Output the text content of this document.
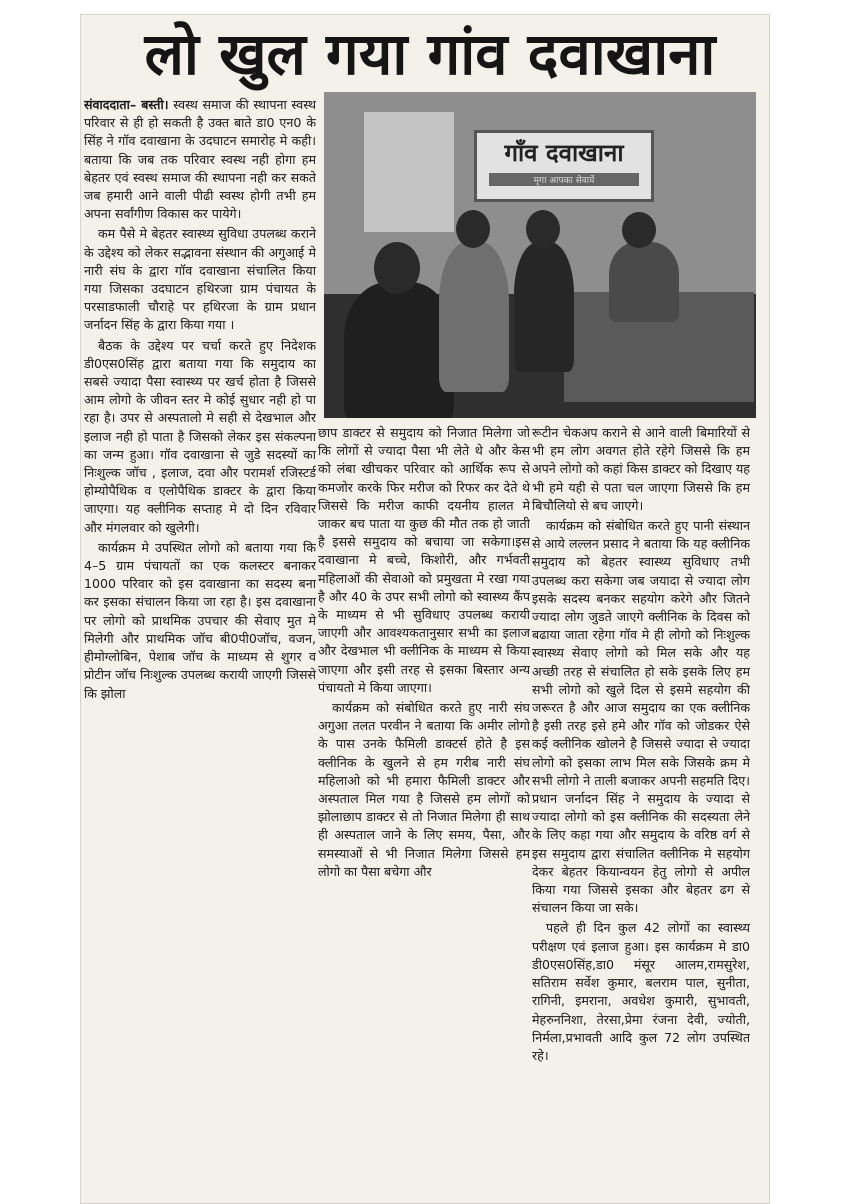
लो खुल गया गांव दवाखाना
गाँव दवाखाना
मृगा आपका सेवायें

संवाददाता– बस्ती। स्वस्थ समाज की स्थापना स्वस्थ परिवार से ही हो सकती है उक्त बाते डा0 एन0 के सिंह ने गॉव दवाखाना के उदघाटन समारोह मे कही। बताया कि जब तक परिवार स्वस्थ नही होगा हम बेहतर एवं स्वस्थ समाज की स्थापना नही कर सकते जब हमारी आने वाली पीढी स्वस्थ होगी तभी हम अपना सर्वांगीण विकास कर पायेगे।

कम पैसे मे बेहतर स्वास्थ्य सुविधा उपलब्ध कराने के उद्देश्य को लेकर सद्भावना संस्थान की अगुआई मे नारी संघ के द्वारा गॉव दवाखाना संचालित किया गया जिसका उदघाटन हथिरजा ग्राम पंचायत के परसाडफाली चौराहे पर हथिरजा के ग्राम प्रधान जर्नादन सिंह के द्वारा किया गया ।

बैठक के उद्देश्य पर चर्चा करते हुए निदेशक डी0एस0सिंह द्वारा बताया गया कि समुदाय का सबसे ज्यादा पैसा स्वास्थ्य पर खर्च होता है जिससे आम लोगो के जीवन स्तर मे कोई सुधार नही हो पा रहा है। उपर से अस्पतालो मे सही से देखभाल और इलाज नही हो पाता है जिसको लेकर इस संकल्पना का जन्म हुआ। गॉव दवाखाना से जुडे सदस्यों का निःशुल्क जॉच , इलाज, दवा और परामर्श रजिस्टर्ड होम्योपैथिक व एलोपैथिक डाक्टर के द्वारा किया जाएगा। यह क्लीनिक सप्ताह मे दो दिन रविवार और मंगलवार को खुलेगी।

कार्यक्रम मे उपस्थित लोगो को बताया गया कि 4–5 ग्राम पंचायतों का एक कलस्टर बनाकर 1000 परिवार को इस दवाखाना का सदस्य बना कर इसका संचालन किया जा रहा है। इस दवाखाना पर लोगो को प्राथमिक उपचार की सेवाए मुत मे मिलेगी और प्राथमिक जॉच बी0पी0जॉच, वजन, हीमोग्लोबिन, पेशाब जॉच के माध्यम से शुगर व प्रोटीन जॉच निःशुल्क उपलब्ध करायी जाएगी जिससे कि झोला

छाप डाक्टर से समुदाय को निजात मिलेगा जो कि लोगों से ज्यादा पैसा भी लेते थे और केस को लंबा खीचकर परिवार को आर्थिक रूप से कमजोर करके फिर मरीज को रिफर कर देते थे जिससे कि मरीज काफी दयनीय हालत मे जाकर बच पाता या कुछ की मौत तक हो जाती है इससे समुदाय को बचाया जा सकेगा।इस दवाखाना मे बच्चे, किशोरी, और गर्भवती महिलाओं की सेवाओ को प्रमुखता मे रखा गया है और 40 के उपर सभी लोगो को स्वास्थ्य कैंप के माध्यम से भी सुविधाए उपलब्ध करायी जाएगी और आवश्यकतानुसार सभी का इलाज और देखभाल भी क्लीनिक के माध्यम से किया जाएगा और इसी तरह से इसका बिस्तार अन्य पंचायतो मे किया जाएगा।

कार्यक्रम को संबोधित करते हुए नारी संघ अगुआ तलत परवीन ने बताया कि अमीर लोगो के पास उनके फैमिली डाक्टर्स होते है इस क्लीनिक के खुलने से हम गरीब नारी संघ महिलाओ को भी हमारा फैमिली डाक्टर और अस्पताल मिल गया है जिससे हम लोगों को झोलाछाप डाक्टर से तो निजात मिलेगा ही साथ ही अस्पताल जाने के लिए समय, पैसा, और समस्याओं से भी निजात मिलेगा जिससे हम लोगो का पैसा बचेगा और

रूटीन चेकअप कराने से आने वाली बिमारियों से भी हम लोग अवगत होते रहेगे जिससे कि हम अपने लोगो को कहां किस डाक्टर को दिखाए यह भी हमे यही से पता चल जाएगा जिससे कि हम बिचौलियो से बच जाएगे।

कार्यक्रम को संबोधित करते हुए पानी संस्थान से आये लल्लन प्रसाद ने बताया कि यह क्लीनिक समुदाय को बेहतर स्वास्थ्य सुविधाए तभी उपलब्ध करा सकेगा जब जयादा से ज्यादा लोग इसके सदस्य बनकर सहयोग करेगे और जितने ज्यादा लोग जुडते जाएगे क्लीनिक के दिवस को बढाया जाता रहेगा गॉव मे ही लोगो को निःशुल्क स्वास्थ्य सेवाए लोगो को मिल सके और यह अच्छी तरह से संचालित हो सके इसके लिए हम सभी लोगो को खुले दिल से इसमे सहयोग की जरूरत है और आज समुदाय का एक क्लीनिक है इसी तरह इसे हमे और गॉव को जोडकर ऐसे कई क्लीनिक खोलने है जिससे ज्यादा से ज्यादा लोगो को इसका लाभ मिल सके जिसके क्रम मे सभी लोगो ने ताली बजाकर अपनी सहमति दिए। प्रधान जर्नादन सिंह ने समुदाय के ज्यादा से ज्यादा लोगो को इस क्लीनिक की सदस्यता लेने के लिए कहा गया और समुदाय के वरिष्ठ वर्ग से इस समुदाय द्वारा संचालित क्लीनिक मे सहयोग देकर बेहतर कियान्वयन हेतु लोगो से अपील किया गया जिससे इसका और बेहतर ढग से संचालन किया जा सके।

पहले ही दिन कुल 42 लोगों का स्वास्थ्य परीक्षण एवं इलाज हुआ। इस कार्यक्रम मे डा0 डी0एस0सिंह,डा0 मंसूर आलम,रामसुरेश, सतिराम सर्वेश कुमार, बलराम पाल, सुनीता, रागिनी, इमराना, अवधेश कुमारी, सुभावती, मेहरुननिशा, तेरसा,प्रेमा रंजना देवी, ज्योती, निर्मला,प्रभावती आदि कुल 72 लोग उपस्थित रहे।
